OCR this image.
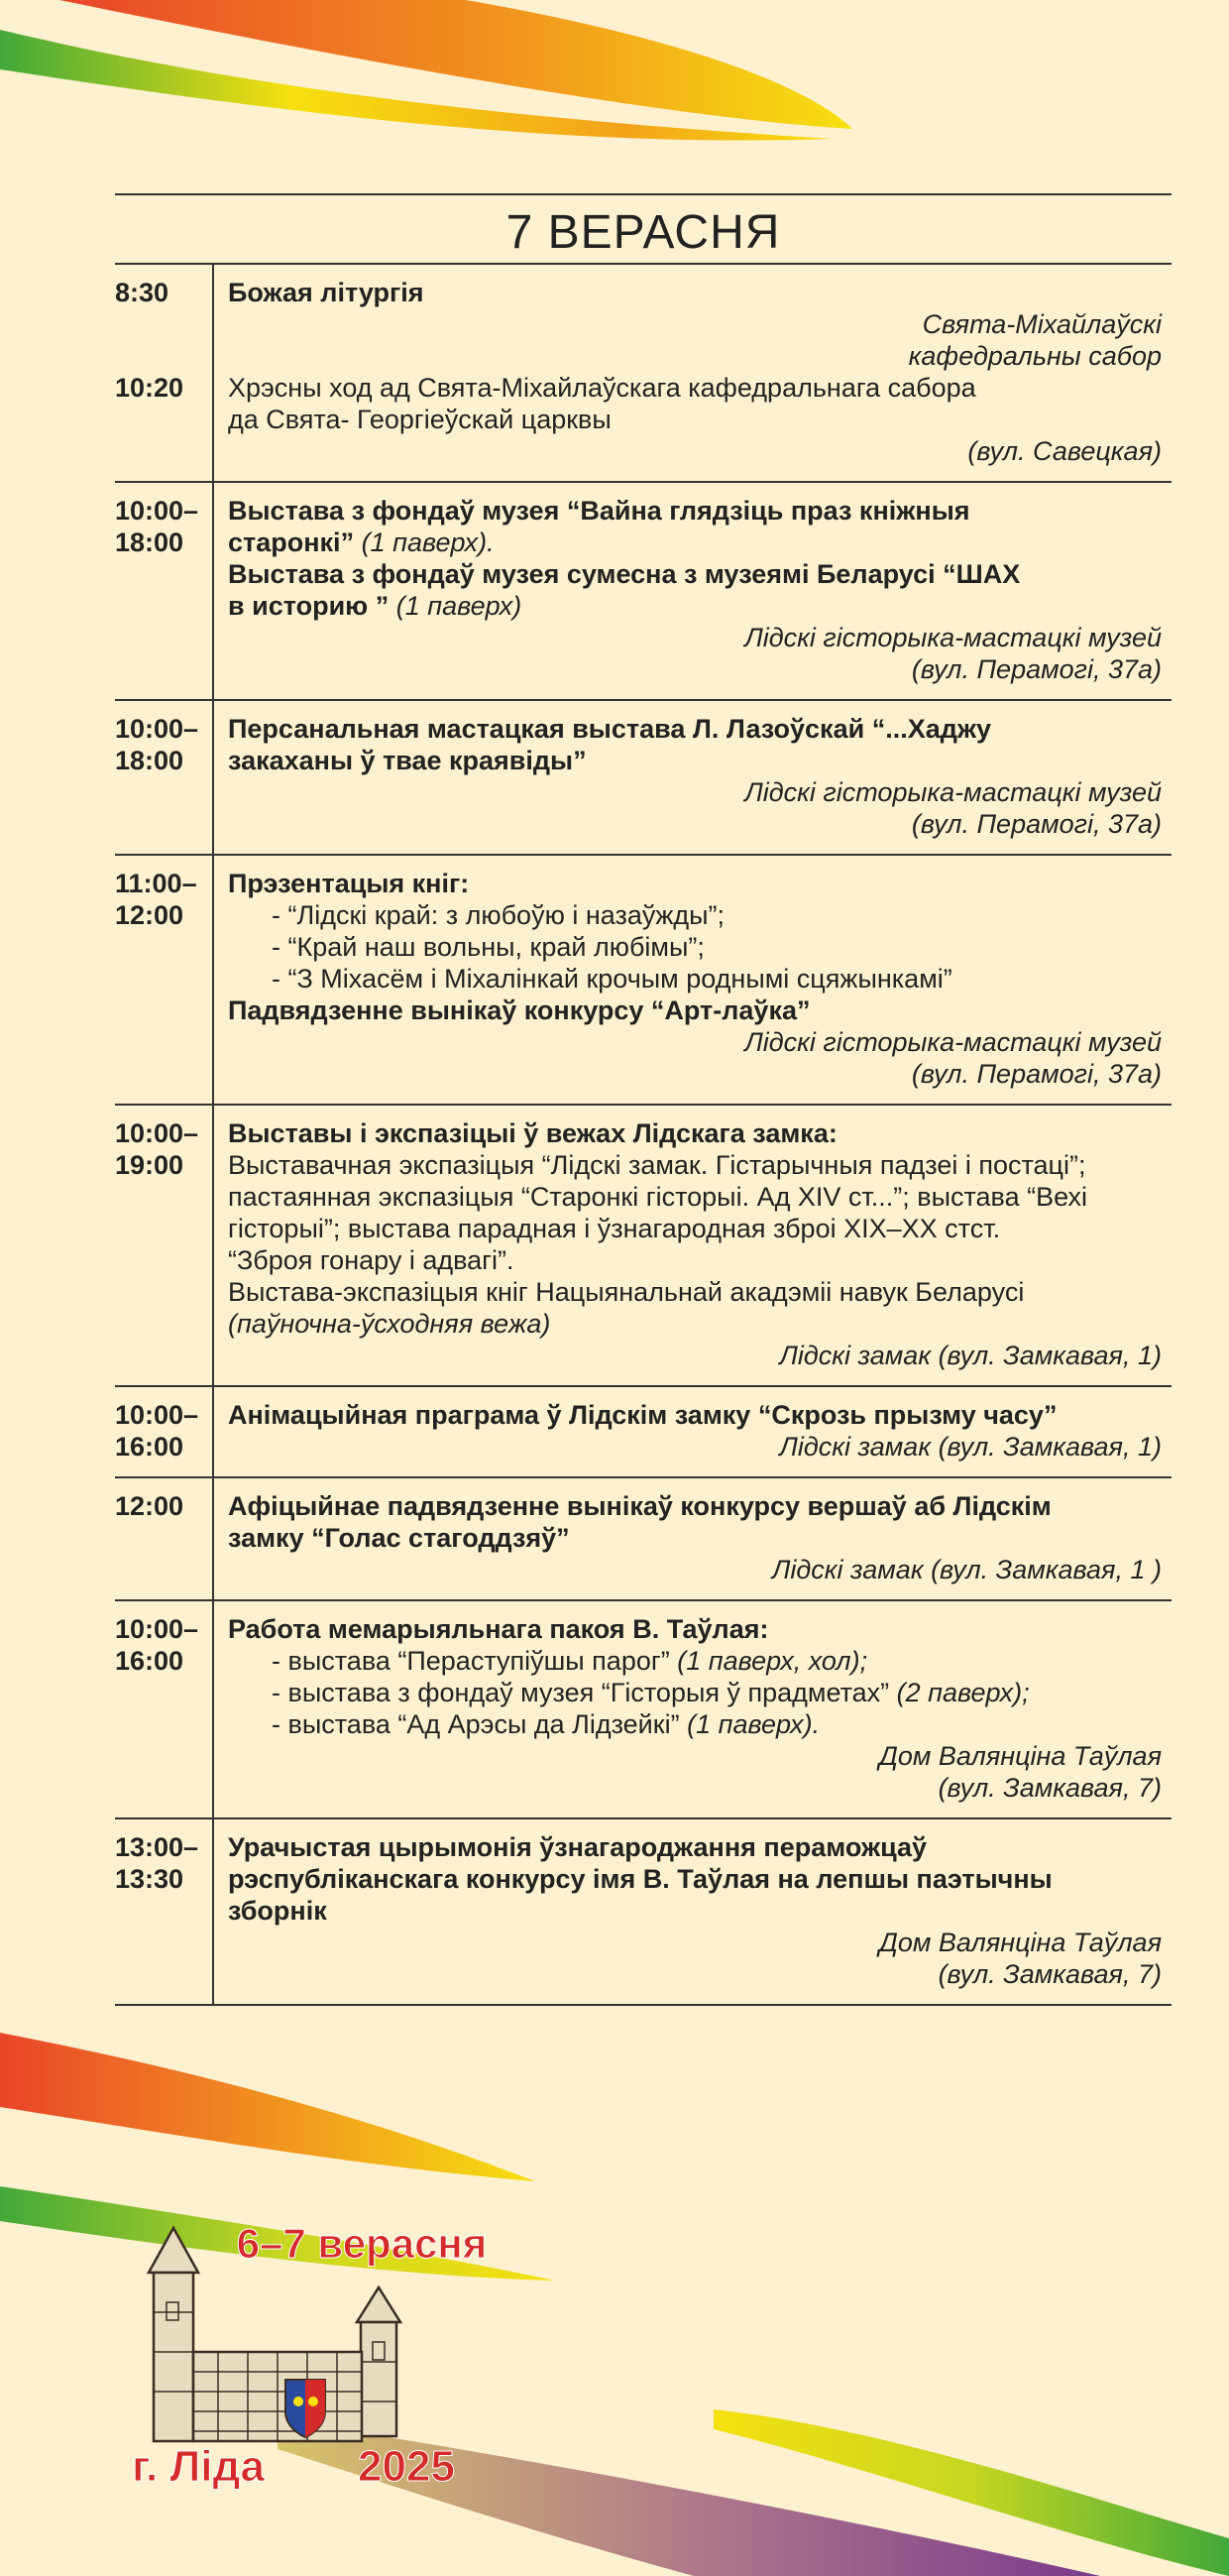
7 ВЕРАСНЯ
8:30
10:20
Божая літургія
Свята-Міхайлаўскі
кафедральны сабор
Хрэсны ход ад Свята-Міхайлаўскага кафедральнага сабора
да Свята- Георгіеўскай царквы
(вул. Савецкая)
10:00–
18:00
Выстава з фондаў музея “Вайна глядзіць праз кніжныя
старонкі” (1 паверх).
Выстава з фондаў музея сумесна з музеямі Беларусі “ШАХ
в историю ” (1 паверх)
Лідскі гісторыка-мастацкі музей
(вул. Перамогі, 37а)
10:00–
18:00
Персанальная мастацкая выстава Л. Лазоўскай “...Хаджу
закаханы ў твае краявіды”
Лідскі гісторыка-мастацкі музей
(вул. Перамогі, 37а)
11:00–
12:00
Прэзентацыя кніг:
- “Лідскі край: з любоўю і назаўжды”;
- “Край наш вольны, край любімы”;
- “З Міхасём і Міхалінкай крочым роднымі сцяжынкамі”
Падвядзенне вынікаў конкурсу “Арт-лаўка”
Лідскі гісторыка-мастацкі музей
(вул. Перамогі, 37а)
10:00–
19:00
Выставы і экспазіцыі ў вежах Лідскага замка:
Выставачная экспазіцыя “Лідскі замак. Гістарычныя падзеі і постаці”;
пастаянная экспазіцыя “Старонкі гісторыі. Ад XIV ст...”; выстава “Вехі
гісторыі”; выстава парадная і ўзнагародная зброі XIX–XX стст.
“Зброя гонару і адвагі”.
Выстава-экспазіцыя кніг Нацыянальнай акадэміі навук Беларусі
(паўночна-ўсходняя вежа)
Лідскі замак (вул. Замкавая, 1)
10:00–
16:00
Анімацыйная праграма ў Лідскім замку “Скрозь прызму часу”
Лідскі замак (вул. Замкавая, 1)
12:00	Афіцыйнае падвядзенне вынікаў конкурсу вершаў аб Лідскім
замку “Голас стагоддзяў”
Лідскі замак (вул. Замкавая, 1 )
10:00–
16:00
Работа мемарыяльнага пакоя В. Таўлая:
- выстава “Пераступіўшы парог” (1 паверх, хол);
- выстава з фондаў музея “Гісторыя ў прадметах” (2 паверх);
- выстава “Ад Арэсы да Лідзейкі” (1 паверх).
Дом Валянціна Таўлая
(вул. Замкавая, 7)
13:00–
13:30
Урачыстая цырымонія ўзнагароджання пераможцаў
рэспубліканскага конкурсу імя В. Таўлая на лепшы паэтычны
зборнік
Дом Валянціна Таўлая
(вул. Замкавая, 7)
6–7 верасня
г. Ліда 2025
